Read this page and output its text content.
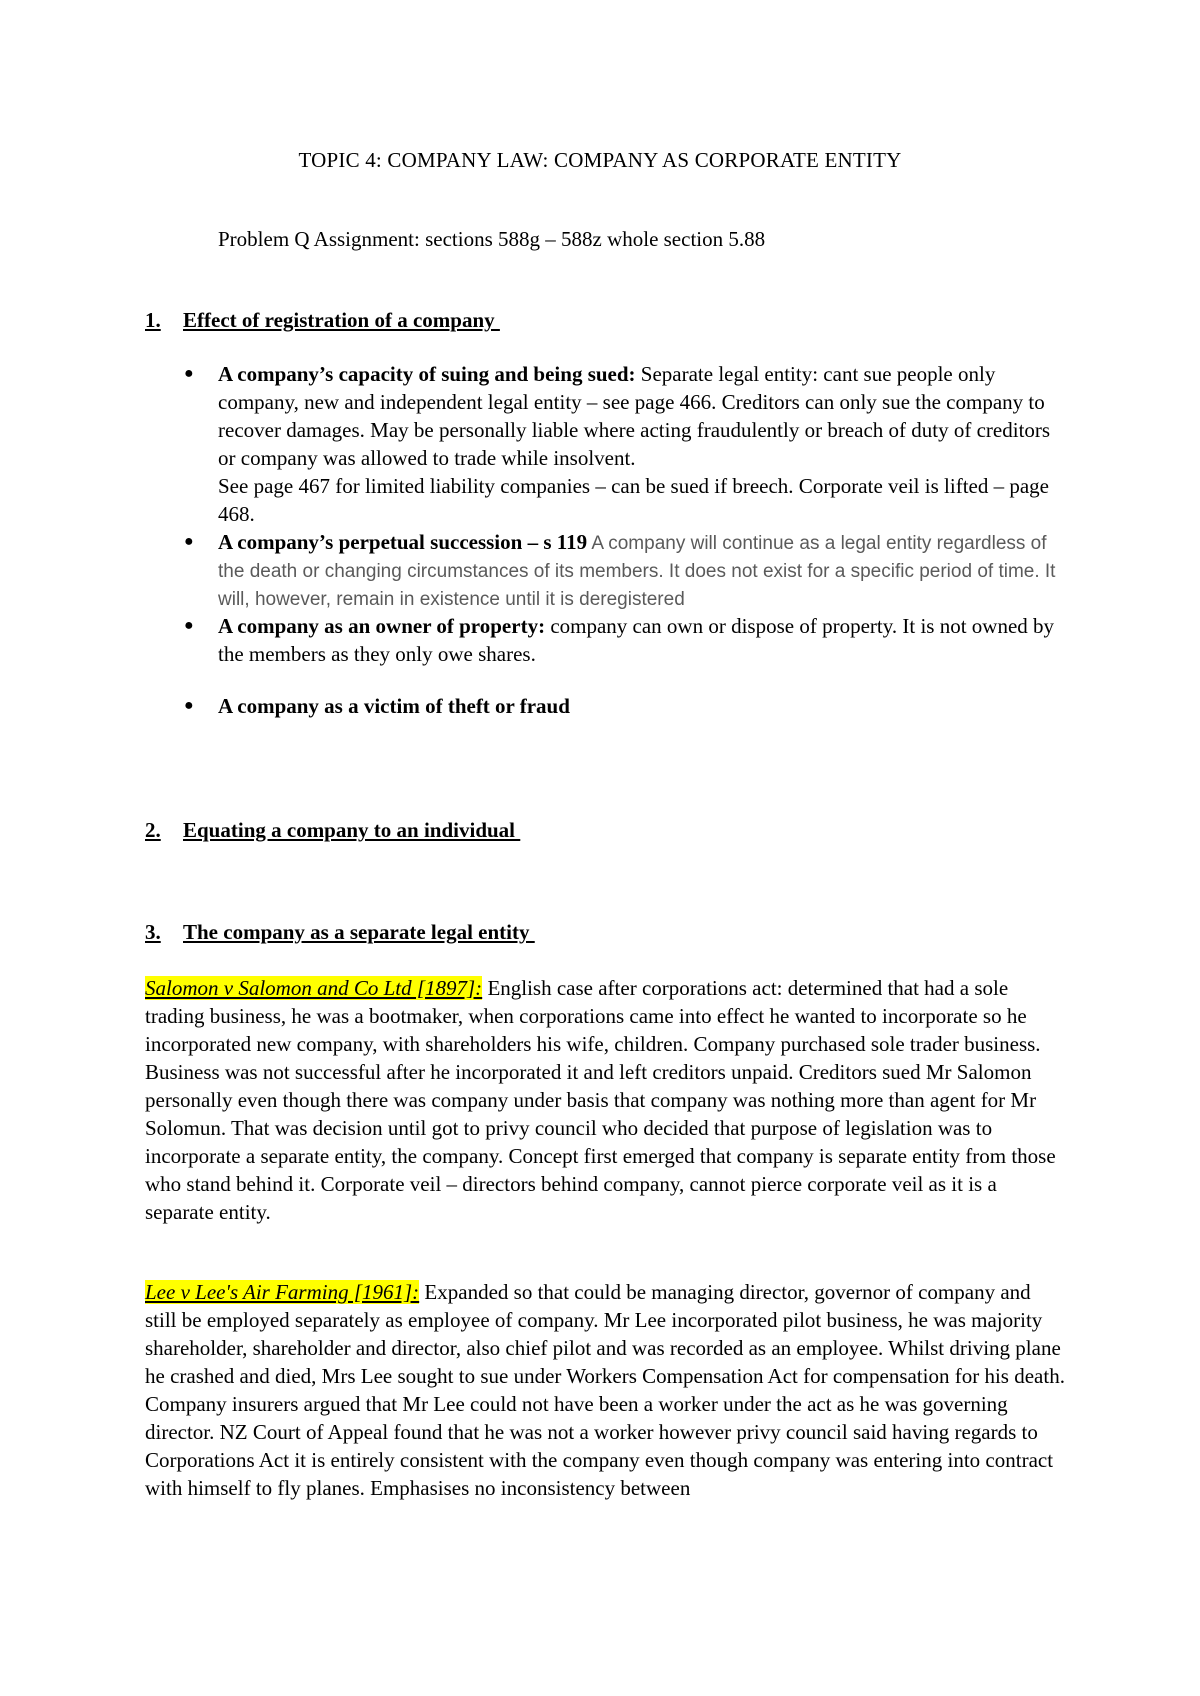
TOPIC 4: COMPANY LAW: COMPANY AS CORPORATE ENTITY
Problem Q Assignment: sections 588g – 588z whole section 5.88
1. Effect of registration of a company
● A company’s capacity of suing and being sued: Separate legal entity: cant sue people only company, new and independent legal entity – see page 466. Creditors can only sue the company to recover damages. May be personally liable where acting fraudulently or breach of duty of creditors or company was allowed to trade while insolvent.
See page 467 for limited liability companies – can be sued if breech. Corporate veil is lifted – page 468.
● A company’s perpetual succession – s 119 A company will continue as a legal entity regardless of the death or changing circumstances of its members. It does not exist for a specific period of time. It will, however, remain in existence until it is deregistered
● A company as an owner of property: company can own or dispose of property. It is not owned by the members as they only owe shares.
● A company as a victim of theft or fraud
2. Equating a company to an individual
3. The company as a separate legal entity

Salomon v Salomon and Co Ltd [1897]: English case after corporations act: determined that had a sole trading business, he was a bootmaker, when corporations came into effect he wanted to incorporate so he incorporated new company, with shareholders his wife, children. Company purchased sole trader business. Business was not successful after he incorporated it and left creditors unpaid. Creditors sued Mr Salomon personally even though there was company under basis that company was nothing more than agent for Mr Solomun. That was decision until got to privy council who decided that purpose of legislation was to incorporate a separate entity, the company. Concept first emerged that company is separate entity from those who stand behind it. Corporate veil – directors behind company, cannot pierce corporate veil as it is a separate entity.

Lee v Lee's Air Farming [1961]: Expanded so that could be managing director, governor of company and still be employed separately as employee of company. Mr Lee incorporated pilot business, he was majority shareholder, shareholder and director, also chief pilot and was recorded as an employee. Whilst driving plane he crashed and died, Mrs Lee sought to sue under Workers Compensation Act for compensation for his death. Company insurers argued that Mr Lee could not have been a worker under the act as he was governing director. NZ Court of Appeal found that he was not a worker however privy council said having regards to Corporations Act it is entirely consistent with the company even though company was entering into contract with himself to fly planes. Emphasises no inconsistency between
